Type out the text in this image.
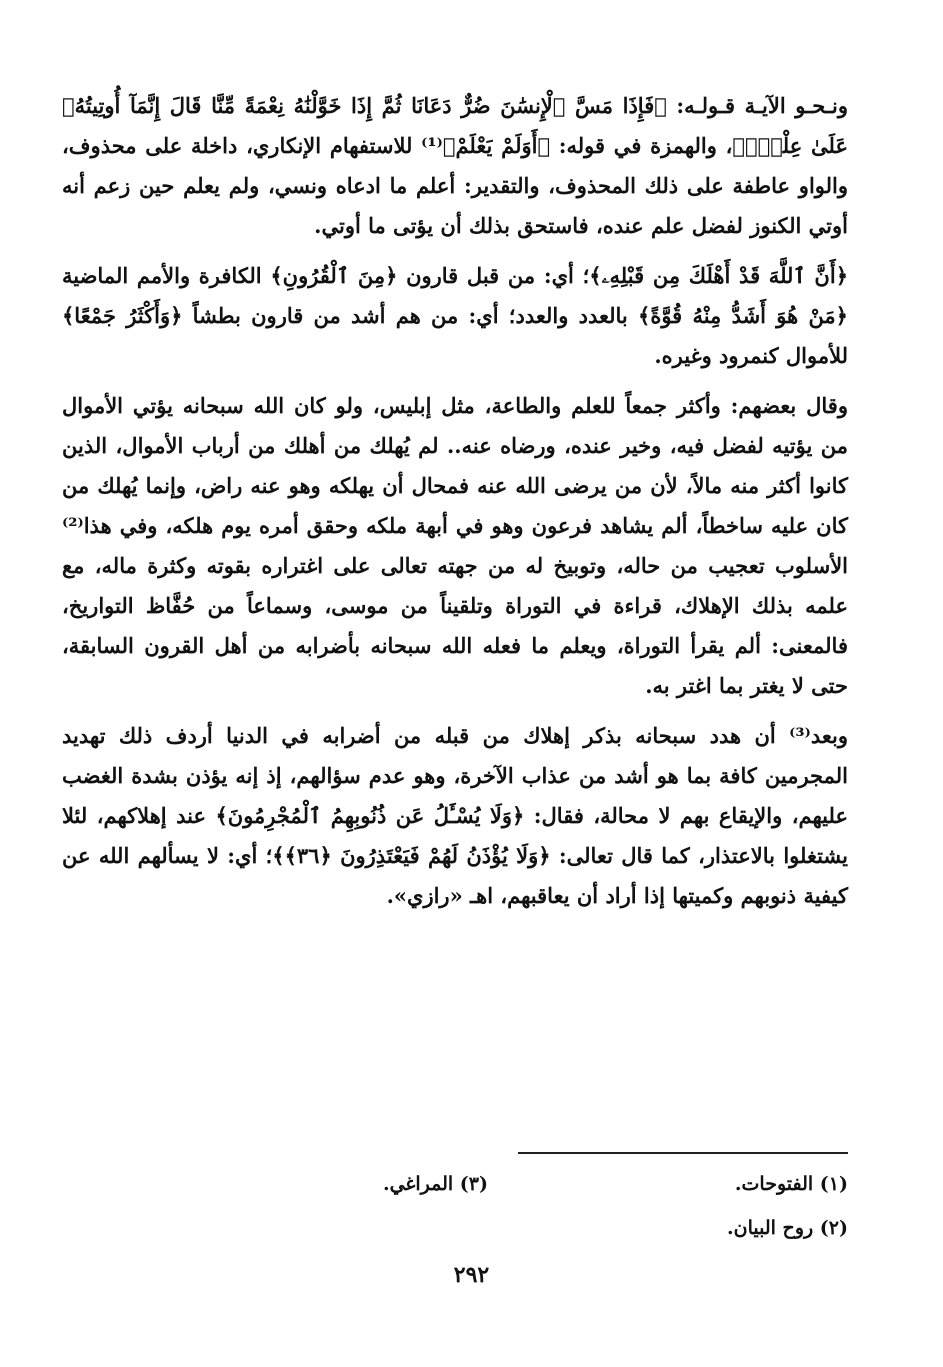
ونـحـو الآيـة قـولـه: ﴿فَإِذَا مَسَّ ٱلْإِنسَٰنَ ضُرٌّ دَعَانَا ثُمَّ إِذَا خَوَّلْنَٰهُ نِعْمَةً مِّنَّا قَالَ إِنَّمَآ أُوتِيتُهُۥ عَلَىٰ عِلْمٍۭ﴾، والهمزة في قوله: ﴿أَوَلَمْ يَعْلَمْ﴾⁽¹⁾ للاستفهام الإنكاري، داخلة على محذوف، والواو عاطفة على ذلك المحذوف، والتقدير: أعلم ما ادعاه ونسي، ولم يعلم حين زعم أنه أوتي الكنوز لفضل علم عنده، فاستحق بذلك أن يؤتى ما أوتي.

﴿أَنَّ ٱللَّهَ قَدْ أَهْلَكَ مِن قَبْلِهِۦ﴾؛ أي: من قبل قارون ﴿مِنَ ٱلْقُرُونِ﴾ الكافرة والأمم الماضية ﴿مَنْ هُوَ أَشَدُّ مِنْهُ قُوَّةً﴾ بالعدد والعدد؛ أي: من هم أشد من قارون بطشاً ﴿وَأَكْثَرُ جَمْعًا﴾ للأموال كنمرود وغيره.

وقال بعضهم: وأكثر جمعاً للعلم والطاعة، مثل إبليس، ولو كان الله سبحانه يؤتي الأموال من يؤتيه لفضل فيه، وخير عنده، ورضاه عنه.. لم يُهلك من أهلك من أرباب الأموال، الذين كانوا أكثر منه مالاً، لأن من يرضى الله عنه فمحال أن يهلكه وهو عنه راض، وإنما يُهلك من كان عليه ساخطاً، ألم يشاهد فرعون وهو في أبهة ملكه وحقق أمره يوم هلكه، وفي هذا⁽²⁾ الأسلوب تعجيب من حاله، وتوبيخ له من جهته تعالى على اغتراره بقوته وكثرة ماله، مع علمه بذلك الإهلاك، قراءة في التوراة وتلقيناً من موسى، وسماعاً من حُفَّاظ التواريخ، فالمعنى: ألم يقرأ التوراة، ويعلم ما فعله الله سبحانه بأضرابه من أهل القرون السابقة، حتى لا يغتر بما اغتر به.

وبعد⁽³⁾ أن هدد سبحانه بذكر إهلاك من قبله من أضرابه في الدنيا أردف ذلك تهديد المجرمين كافة بما هو أشد من عذاب الآخرة، وهو عدم سؤالهم، إذ إنه يؤذن بشدة الغضب عليهم، والإيقاع بهم لا محالة، فقال: ﴿وَلَا يُسْـَٔلُ عَن ذُنُوبِهِمُ ٱلْمُجْرِمُونَ﴾ عند إهلاكهم، لئلا يشتغلوا بالاعتذار، كما قال تعالى: ﴿وَلَا يُؤْذَنُ لَهُمْ فَيَعْتَذِرُونَ ﴿٣٦﴾﴾؛ أي: لا يسألهم الله عن كيفية ذنوبهم وكميتها إذا أراد أن يعاقبهم، اهـ «رازي».

(١) الفتوحات.
(٣) المراغي.
(٢) روح البيان.
٢٩٢
